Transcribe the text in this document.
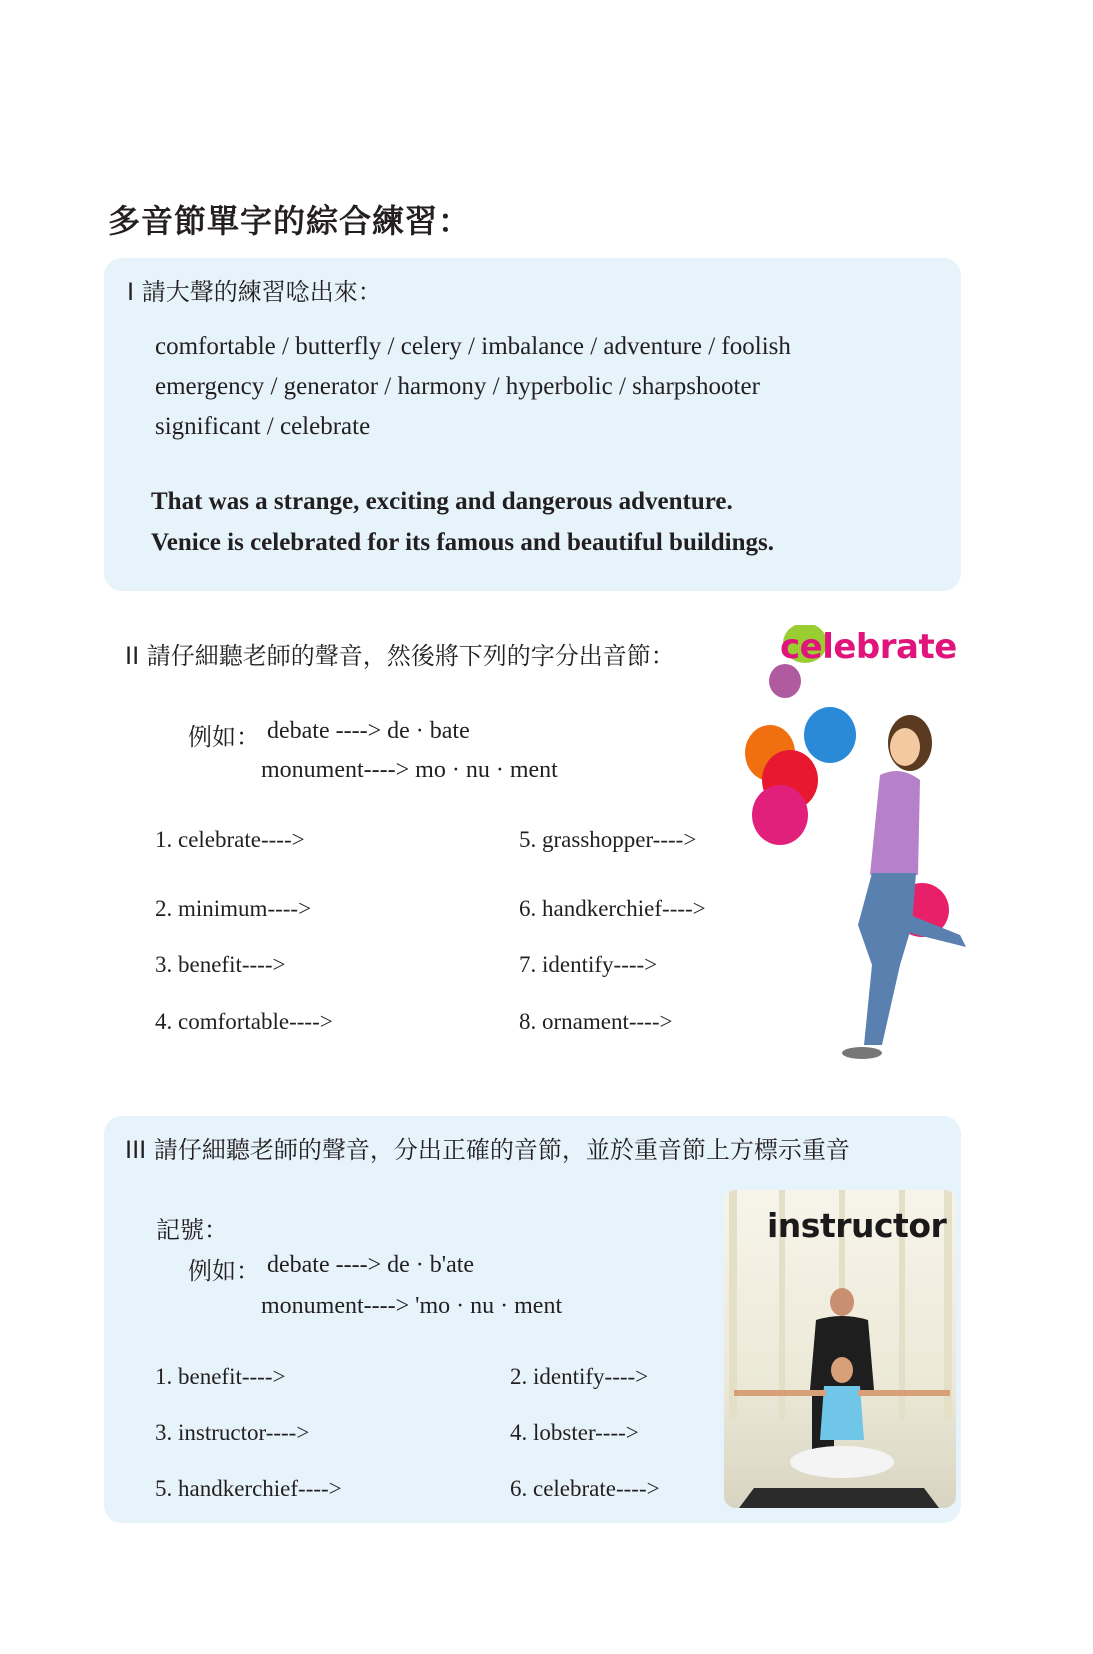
多音節單字的綜合練習：
I 請大聲的練習唸出來：
comfortable / butterfly / celery / imbalance / adventure / foolish
emergency / generator / harmony / hyperbolic / sharpshooter
significant / celebrate
That was a strange, exciting and dangerous adventure.
Venice is celebrated for its famous and beautiful buildings.
II 請仔細聽老師的聲音，然後將下列的字分出音節：
例如： debate ----> de · bate
monument----> mo · nu · ment
1. celebrate---->
2. minimum---->
3. benefit---->
4. comfortable---->
5. grasshopper---->
6. handkerchief---->
7. identify---->
8. ornament---->
celebrate
III 請仔細聽老師的聲音，分出正確的音節，並於重音節上方標示重音
記號：
例如： debate ----> de · b'ate
monument----> 'mo · nu · ment
1. benefit---->
3. instructor---->
5. handkerchief---->
2. identify---->
4. lobster---->
6. celebrate---->
instructor
